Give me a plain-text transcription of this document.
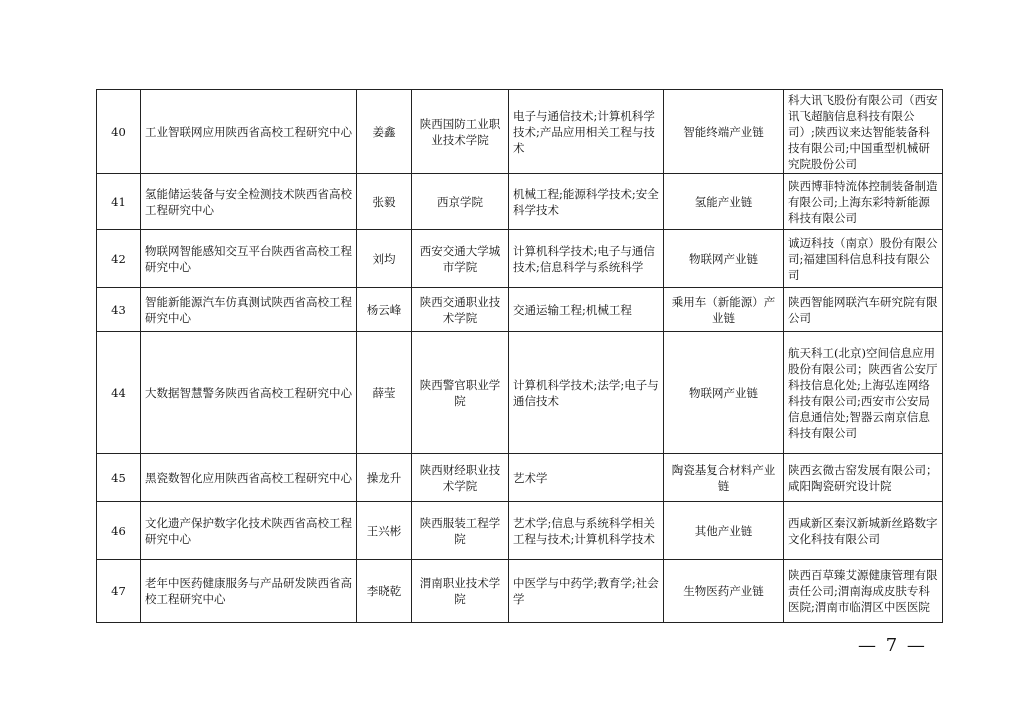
40	工业智联网应用陕西省高校工程研究中心	姜鑫	陕西国防工业职业技术学院	电子与通信技术;计算机科学技术;产品应用相关工程与技术	智能终端产业链	科大讯飞股份有限公司（西安讯飞超脑信息科技有限公司）;陕西议来达智能装备科技有限公司;中国重型机械研究院股份公司
41	氢能储运装备与安全检测技术陕西省高校工程研究中心	张毅	西京学院	机械工程;能源科学技术;安全科学技术	氢能产业链	陕西博菲特流体控制装备制造有限公司;上海东彩特新能源科技有限公司
42	物联网智能感知交互平台陕西省高校工程研究中心	刘均	西安交通大学城市学院	计算机科学技术;电子与通信技术;信息科学与系统科学	物联网产业链	诚迈科技（南京）股份有限公司;福建国科信息科技有限公司
43	智能新能源汽车仿真测试陕西省高校工程研究中心	杨云峰	陕西交通职业技术学院	交通运输工程;机械工程	乘用车（新能源）产业链	陕西智能网联汽车研究院有限公司
44	大数据智慧警务陕西省高校工程研究中心	薛莹	陕西警官职业学院	计算机科学技术;法学;电子与通信技术	物联网产业链	航天科工(北京)空间信息应用股份有限公司；陕西省公安厅科技信息化处;上海弘连网络科技有限公司;西安市公安局信息通信处;智器云南京信息科技有限公司
45	黑瓷数智化应用陕西省高校工程研究中心	操龙升	陕西财经职业技术学院	艺术学	陶瓷基复合材料产业链	陕西玄微古窑发展有限公司；咸阳陶瓷研究设计院
46	文化遗产保护数字化技术陕西省高校工程研究中心	王兴彬	陕西服装工程学院	艺术学;信息与系统科学相关工程与技术;计算机科学技术	其他产业链	西咸新区秦汉新城新丝路数字文化科技有限公司
47	老年中医药健康服务与产品研发陕西省高校工程研究中心	李晓乾	渭南职业技术学院	中医学与中药学;教育学;社会学	生物医药产业链	陕西百草臻艾源健康管理有限责任公司;渭南海成皮肤专科医院;渭南市临渭区中医医院
— 7 —
